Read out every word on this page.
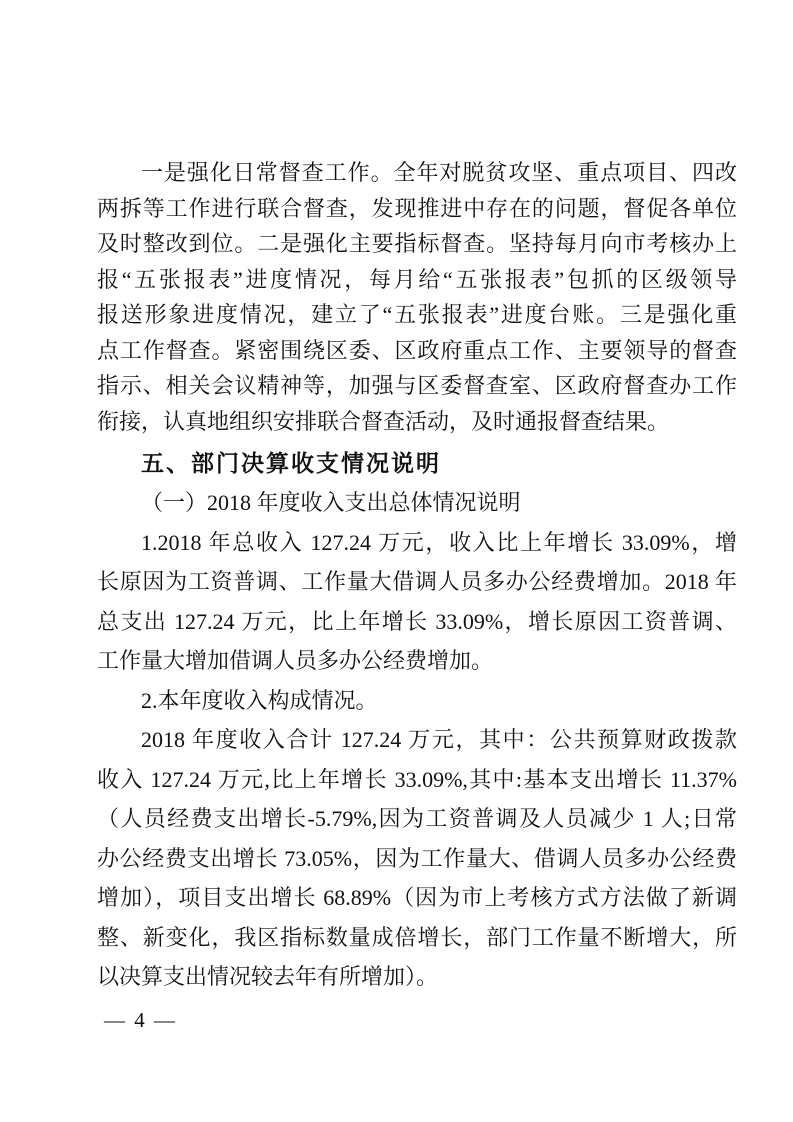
一是强化日常督查工作。全年对脱贫攻坚、重点项目、四改
两拆等工作进行联合督查，发现推进中存在的问题，督促各单位
及时整改到位。二是强化主要指标督查。坚持每月向市考核办上
报“五张报表”进度情况，每月给“五张报表”包抓的区级领导
报送形象进度情况，建立了“五张报表”进度台账。三是强化重
点工作督查。紧密围绕区委、区政府重点工作、主要领导的督查
指示、相关会议精神等，加强与区委督查室、区政府督查办工作
衔接，认真地组织安排联合督查活动，及时通报督查结果。
五、部门决算收支情况说明
（一）2018 年度收入支出总体情况说明
1.2018 年总收入 127.24 万元，收入比上年增长 33.09%，增
长原因为工资普调、工作量大借调人员多办公经费增加。2018 年
总支出 127.24 万元，比上年增长 33.09%，增长原因工资普调、
工作量大增加借调人员多办公经费增加。
2.本年度收入构成情况。
2018 年度收入合计 127.24 万元，其中：公共预算财政拨款
收入 127.24 万元,比上年增长 33.09%,其中:基本支出增长 11.37%
（人员经费支出增长-5.79%,因为工资普调及人员减少 1 人;日常
办公经费支出增长 73.05%，因为工作量大、借调人员多办公经费
增加），项目支出增长 68.89%（因为市上考核方式方法做了新调
整、新变化，我区指标数量成倍增长，部门工作量不断增大，所
以决算支出情况较去年有所增加）。
— 4 —
